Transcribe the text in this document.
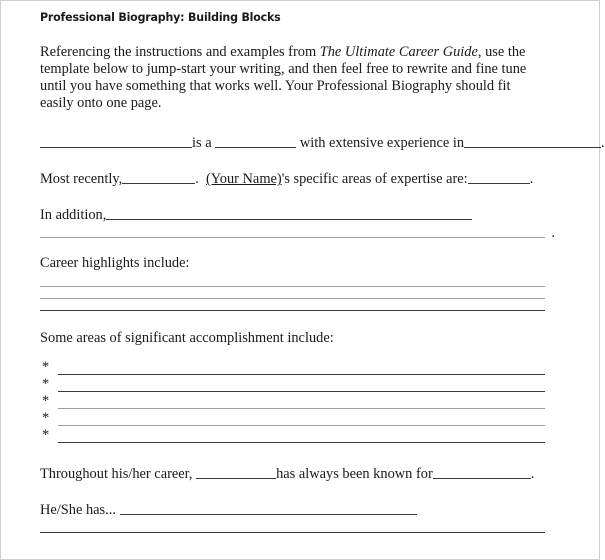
Professional Biography: Building Blocks

Referencing the instructions and examples from The Ultimate Career Guide, use the template below to jump-start your writing, and then feel free to rewrite and fine tune until you have something that works well. Your Professional Biography should fit easily onto one page.

is a	with extensive experience in	.
Most recently,	. (Your Name)'s specific areas of expertise are:	.
In addition,
.
Career highlights include:
Some areas of significant accomplishment include:
*
*
*
*
*
Throughout his/her career,	has always been known for	.
He/She has...
